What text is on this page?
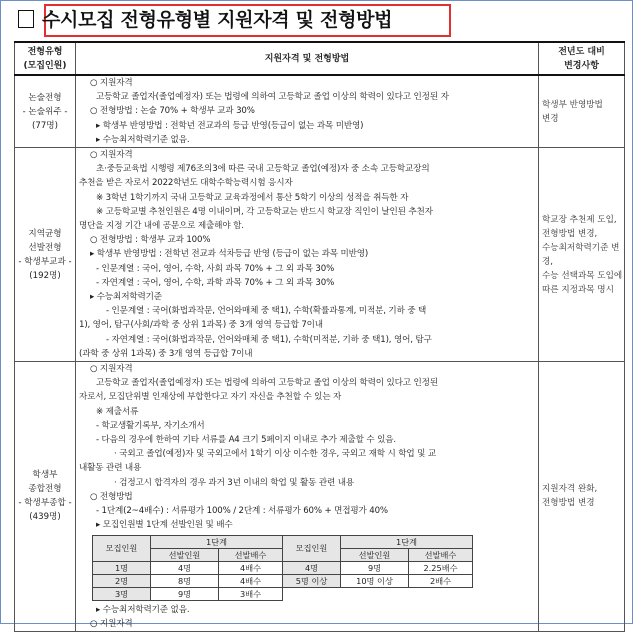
수시모집 전형유형별 지원자격 및 전형방법
전형유형
(모집인원)
	지원자격 및 전형방법	
전년도 대비
변경사항

논술전형
- 논술위주 -
(77명)

○ 지원자격
고등학교 졸업자(졸업예정자) 또는 법령에 의하여 고등학교 졸업 이상의 학력이 있다고 인정된 자
○ 전형방법 : 논술 70% + 학생부 교과 30%
▸ 학생부 반영방법 : 전학년 전교과의 등급 반영(등급이 없는 과목 미반영)
▸ 수능최저학력기준 없음.

학생부 반영방법
변경

지역균형
선발전형
- 학생부교과 -
(192명)

○ 지원자격
초·중등교육법 시행령 제76조의3에 따른 국내 고등학교 졸업(예정)자 중 소속 고등학교장의
추천을 받은 자로서 2022학년도 대학수학능력시험 응시자
※ 3학년 1학기까지 국내 고등학교 교육과정에서 통산 5학기 이상의 성적을 취득한 자
※ 고등학교별 추천인원은 4명 이내이며, 각 고등학교는 반드시 학교장 직인이 날인된 추천자
명단을 지정 기간 내에 공문으로 제출해야 함.
○ 전형방법 : 학생부 교과 100%
▸ 학생부 반영방법 : 전학년 전교과 석차등급 반영 (등급이 없는 과목 미반영)
- 인문계열 : 국어, 영어, 수학, 사회 과목 70% + 그 외 과목 30%
- 자연계열 : 국어, 영어, 수학, 과학 과목 70% + 그 외 과목 30%
▸ 수능최저학력기준
- 인문계열 : 국어(화법과작문, 언어와매체 중 택1), 수학(확률과통계, 미적분, 기하 중 택
1), 영어, 탐구(사회/과학 중 상위 1과목) 중 3개 영역 등급합 7이내
- 자연계열 : 국어(화법과작문, 언어와매체 중 택1), 수학(미적분, 기하 중 택1), 영어, 탐구
(과학 중 상위 1과목) 중 3개 영역 등급합 7이내

학교장 추천제 도입,
전형방법 변경,
수능최저학력기준 변경,
수능 선택과목 도입에
따른 지정과목 명시

학생부
종합전형
- 학생부종합 -
(439명)

○ 지원자격
고등학교 졸업자(졸업예정자) 또는 법령에 의하여 고등학교 졸업 이상의 학력이 있다고 인정된
자로서, 모집단위별 인재상에 부합한다고 자기 자신을 추천할 수 있는 자
※ 제출서류
- 학교생활기록부, 자기소개서
- 다음의 경우에 한하여 기타 서류를 A4 크기 5페이지 이내로 추가 제출할 수 있음.
· 국외고 졸업(예정)자 및 국외고에서 1학기 이상 이수한 경우, 국외고 재학 시 학업 및 교
내활동 관련 내용
· 검정고시 합격자의 경우 과거 3년 이내의 학업 및 활동 관련 내용
○ 전형방법
- 1단계(2~4배수) : 서류평가 100% / 2단계 : 서류평가 60% + 면접평가 40%
▸ 모집인원별 1단계 선발인원 및 배수
모집인원	1단계	모집인원	1단계
선발인원	선발배수	선발인원	선발배수
1명	4명	4배수	4명	9명	2.25배수
2명	8명	4배수	5명 이상	10명 이상	2배수
3명	9명	3배수			
▸ 수능최저학력기준 없음.
○ 지원자격

지원자격 완화,
전형방법 변경
